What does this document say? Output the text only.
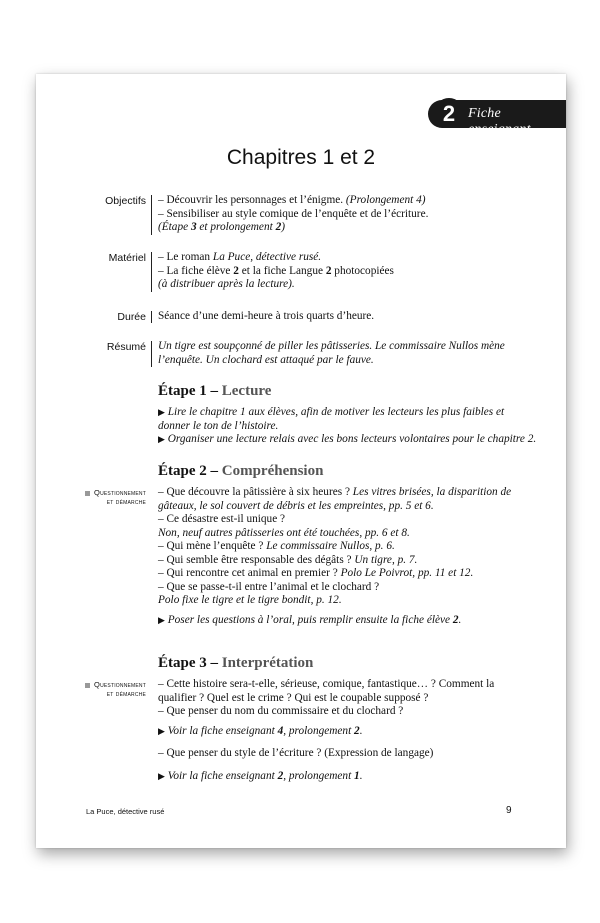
2 Fiche enseignant
Chapitres 1 et 2
Objectifs – Découvrir les personnages et l’énigme. (Prolongement 4)
– Sensibiliser au style comique de l’enquête et de l’écriture.
(Étape 3 et prolongement 2)
Matériel – Le roman La Puce, détective rusé.
– La fiche élève 2 et la fiche Langue 2 photocopiées
(à distribuer après la lecture).
Durée Séance d’une demi-heure à trois quarts d’heure.
Résumé Un tigre est soupçonné de piller les pâtisseries. Le commissaire Nullos mène
l’enquête. Un clochard est attaqué par le fauve.
Étape 1 – Lecture
▶ Lire le chapitre 1 aux élèves, afin de motiver les lecteurs les plus faibles et
donner le ton de l’histoire.
▶ Organiser une lecture relais avec les bons lecteurs volontaires pour le chapitre 2.
Étape 2 – Compréhension
Questionnement
et démarche
– Que découvre la pâtissière à six heures ? Les vitres brisées, la disparition de
gâteaux, le sol couvert de débris et les empreintes, pp. 5 et 6.
– Ce désastre est-il unique ?
Non, neuf autres pâtisseries ont été touchées, pp. 6 et 8.
– Qui mène l’enquête ? Le commissaire Nullos, p. 6.
– Qui semble être responsable des dégâts ? Un tigre, p. 7.
– Qui rencontre cet animal en premier ? Polo Le Poivrot, pp. 11 et 12.
– Que se passe-t-il entre l’animal et le clochard ?
Polo fixe le tigre et le tigre bondit, p. 12.
▶ Poser les questions à l’oral, puis remplir ensuite la fiche élève 2.
Étape 3 – Interprétation
Questionnement
et démarche
– Cette histoire sera-t-elle, sérieuse, comique, fantastique… ? Comment la
qualifier ? Quel est le crime ? Qui est le coupable supposé ?
– Que penser du nom du commissaire et du clochard ?
▶ Voir la fiche enseignant 4, prolongement 2.
– Que penser du style de l’écriture ? (Expression de langage)
▶ Voir la fiche enseignant 2, prolongement 1.
La Puce, détective rusé	9
